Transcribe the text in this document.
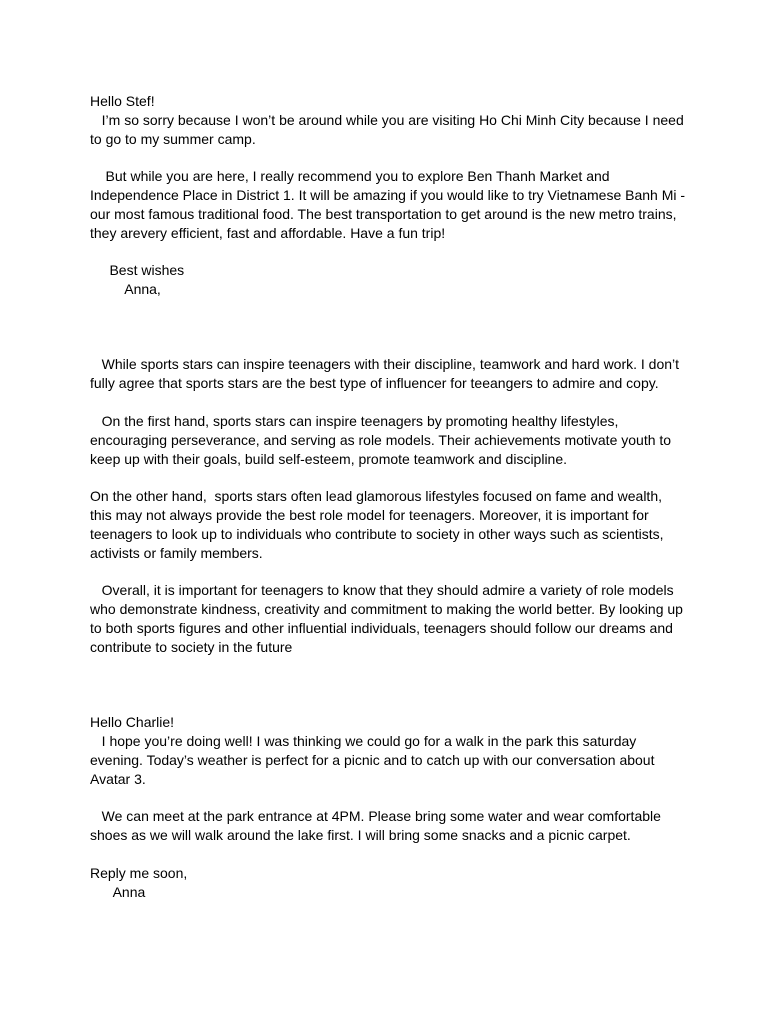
Hello Stef!

I’m so sorry because I won’t be around while you are visiting Ho Chi Minh City because I need

to go to my summer camp.

But while you are here, I really recommend you to explore Ben Thanh Market and

Independence Place in District 1. It will be amazing if you would like to try Vietnamese Banh Mi -

our most famous traditional food. The best transportation to get around is the new metro trains,

they arevery efficient, fast and affordable. Have a fun trip!

Best wishes

Anna,

While sports stars can inspire teenagers with their discipline, teamwork and hard work. I don’t

fully agree that sports stars are the best type of influencer for teeangers to admire and copy.

On the first hand, sports stars can inspire teenagers by promoting healthy lifestyles,

encouraging perseverance, and serving as role models. Their achievements motivate youth to

keep up with their goals, build self-esteem, promote teamwork and discipline.

On the other hand,  sports stars often lead glamorous lifestyles focused on fame and wealth,

this may not always provide the best role model for teenagers. Moreover, it is important for

teenagers to look up to individuals who contribute to society in other ways such as scientists,

activists or family members.

Overall, it is important for teenagers to know that they should admire a variety of role models

who demonstrate kindness, creativity and commitment to making the world better. By looking up

to both sports figures and other influential individuals, teenagers should follow our dreams and

contribute to society in the future

Hello Charlie!

I hope you’re doing well! I was thinking we could go for a walk in the park this saturday

evening. Today’s weather is perfect for a picnic and to catch up with our conversation about

Avatar 3.

We can meet at the park entrance at 4PM. Please bring some water and wear comfortable

shoes as we will walk around the lake first. I will bring some snacks and a picnic carpet.

Reply me soon,

Anna
